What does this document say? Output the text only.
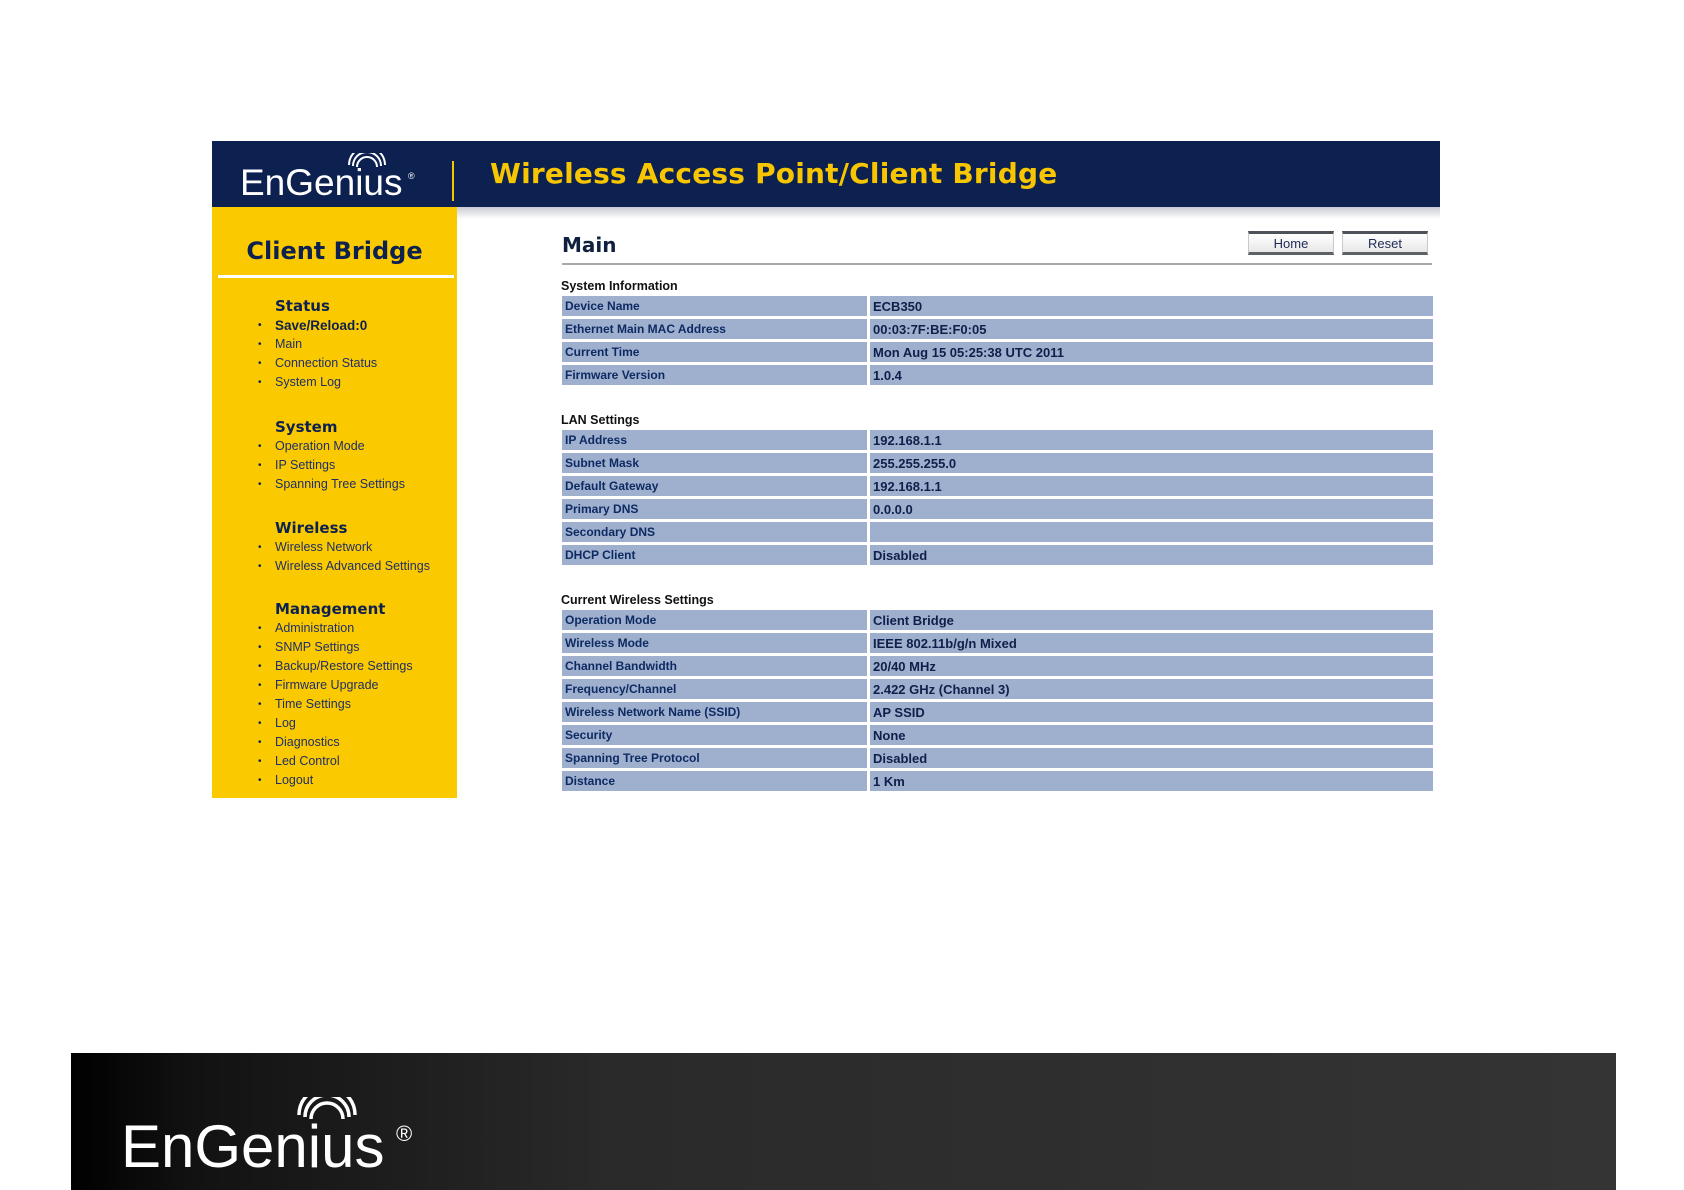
EnGenius ®	Wireless Access Point/Client Bridge
Client Bridge
Status
• Save/Reload:0
• Main
• Connection Status
• System Log
System
• Operation Mode
• IP Settings
• Spanning Tree Settings
Wireless
• Wireless Network
• Wireless Advanced Settings
Management
• Administration
• SNMP Settings
• Backup/Restore Settings
• Firmware Upgrade
• Time Settings
• Log
• Diagnostics
• Led Control
• Logout
Main	Home	Reset
System Information
Device Name	ECB350
Ethernet Main MAC Address	00:03:7F:BE:F0:05
Current Time	Mon Aug 15 05:25:38 UTC 2011
Firmware Version	1.0.4
LAN Settings
IP Address	192.168.1.1
Subnet Mask	255.255.255.0
Default Gateway	192.168.1.1
Primary DNS	0.0.0.0
Secondary DNS	
DHCP Client	Disabled
Current Wireless Settings
Operation Mode	Client Bridge
Wireless Mode	IEEE 802.11b/g/n Mixed
Channel Bandwidth	20/40 MHz
Frequency/Channel	2.422 GHz (Channel 3)
Wireless Network Name (SSID)	AP SSID
Security	None
Spanning Tree Protocol	Disabled
Distance	1 Km
EnGenius ®
